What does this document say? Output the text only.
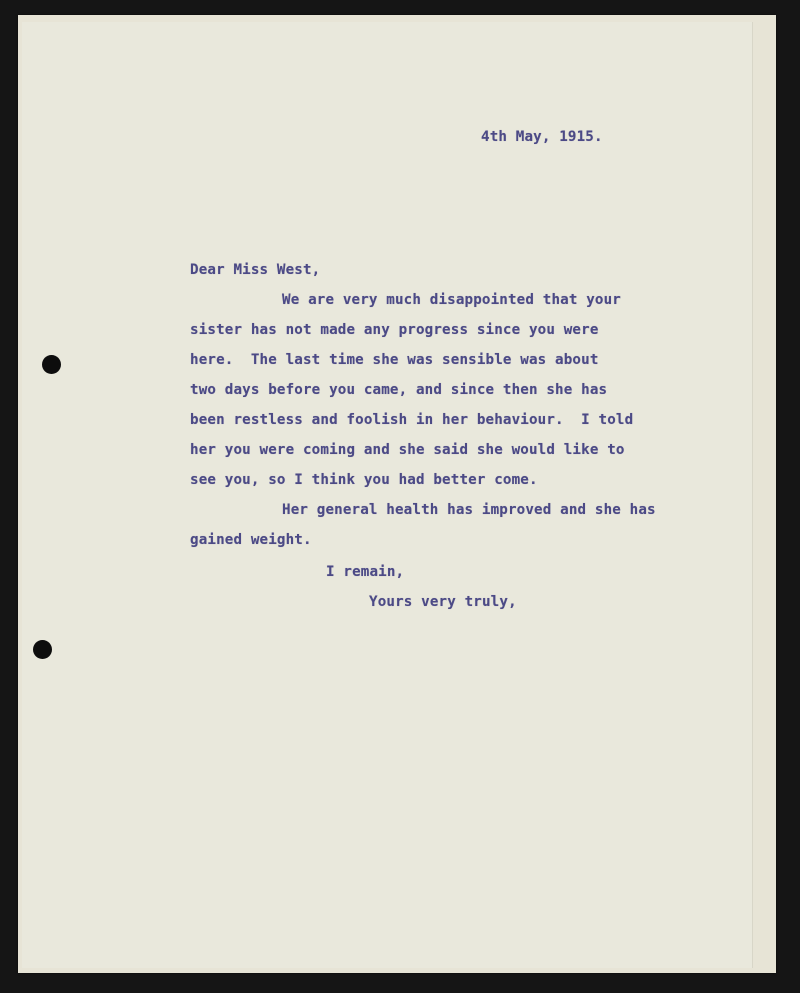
4th May, 1915.
Dear Miss West,
We are very much disappointed that your
sister has not made any progress since you were
here.  The last time she was sensible was about
two days before you came, and since then she has
been restless and foolish in her behaviour.  I told
her you were coming and she said she would like to
see you, so I think you had better come.
Her general health has improved and she has
gained weight.
I remain,
Yours very truly,
